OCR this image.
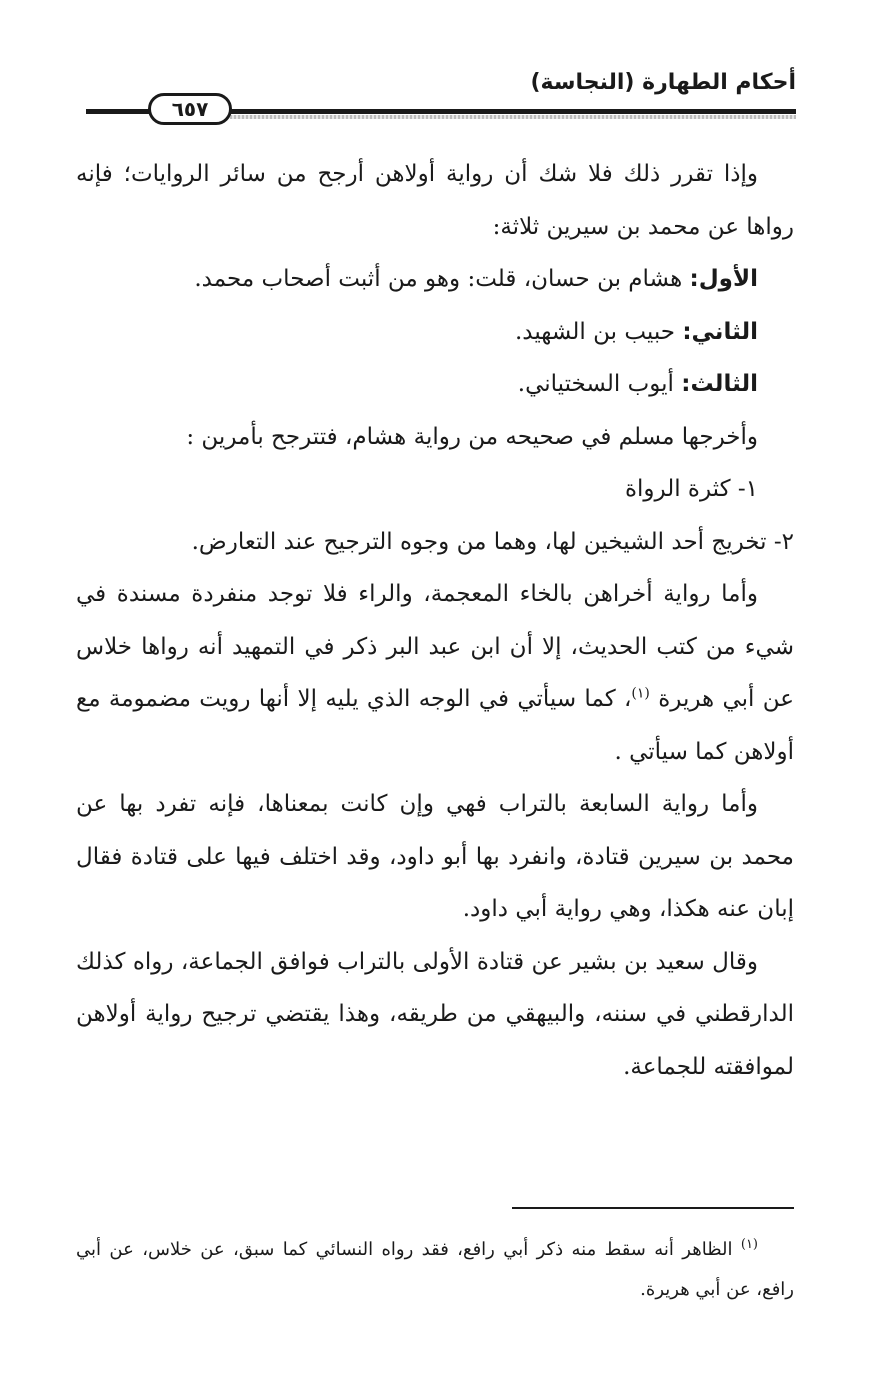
أحكام الطهارة (النجاسة)
٦٥٧

وإذا تقرر ذلك فلا شك أن رواية أولاهن أرجح من سائر الروايات؛ فإنه رواها عن محمد بن سيرين ثلاثة:

الأول: هشام بن حسان، قلت: وهو من أثبت أصحاب محمد.

الثاني: حبيب بن الشهيد.

الثالث: أيوب السختياني.

وأخرجها مسلم في صحيحه من رواية هشام، فتترجح بأمرين :

١- كثرة الرواة

٢- تخريج أحد الشيخين لها، وهما من وجوه الترجيح عند التعارض.

وأما رواية أخراهن بالخاء المعجمة، والراء فلا توجد منفردة مسندة في شيء من كتب الحديث، إلا أن ابن عبد البر ذكر في التمهيد أنه رواها خلاس عن أبي هريرة $^{(١)}$، كما سيأتي في الوجه الذي يليه إلا أنها رويت مضمومة مع أولاهن كما سيأتي .

وأما رواية السابعة بالتراب فهي وإن كانت بمعناها، فإنه تفرد بها عن محمد بن سيرين قتادة، وانفرد بها أبو داود، وقد اختلف فيها على قتادة فقال إبان عنه هكذا، وهي رواية أبي داود.

وقال سعيد بن بشير عن قتادة الأولى بالتراب فوافق الجماعة، رواه كذلك الدارقطني في سننه، والبيهقي من طريقه، وهذا يقتضي ترجيح رواية أولاهن لموافقته للجماعة.

$^{(١)}$ الظاهر أنه سقط منه ذكر أبي رافع، فقد رواه النسائي كما سبق، عن خلاس، عن أبي رافع، عن أبي هريرة.
